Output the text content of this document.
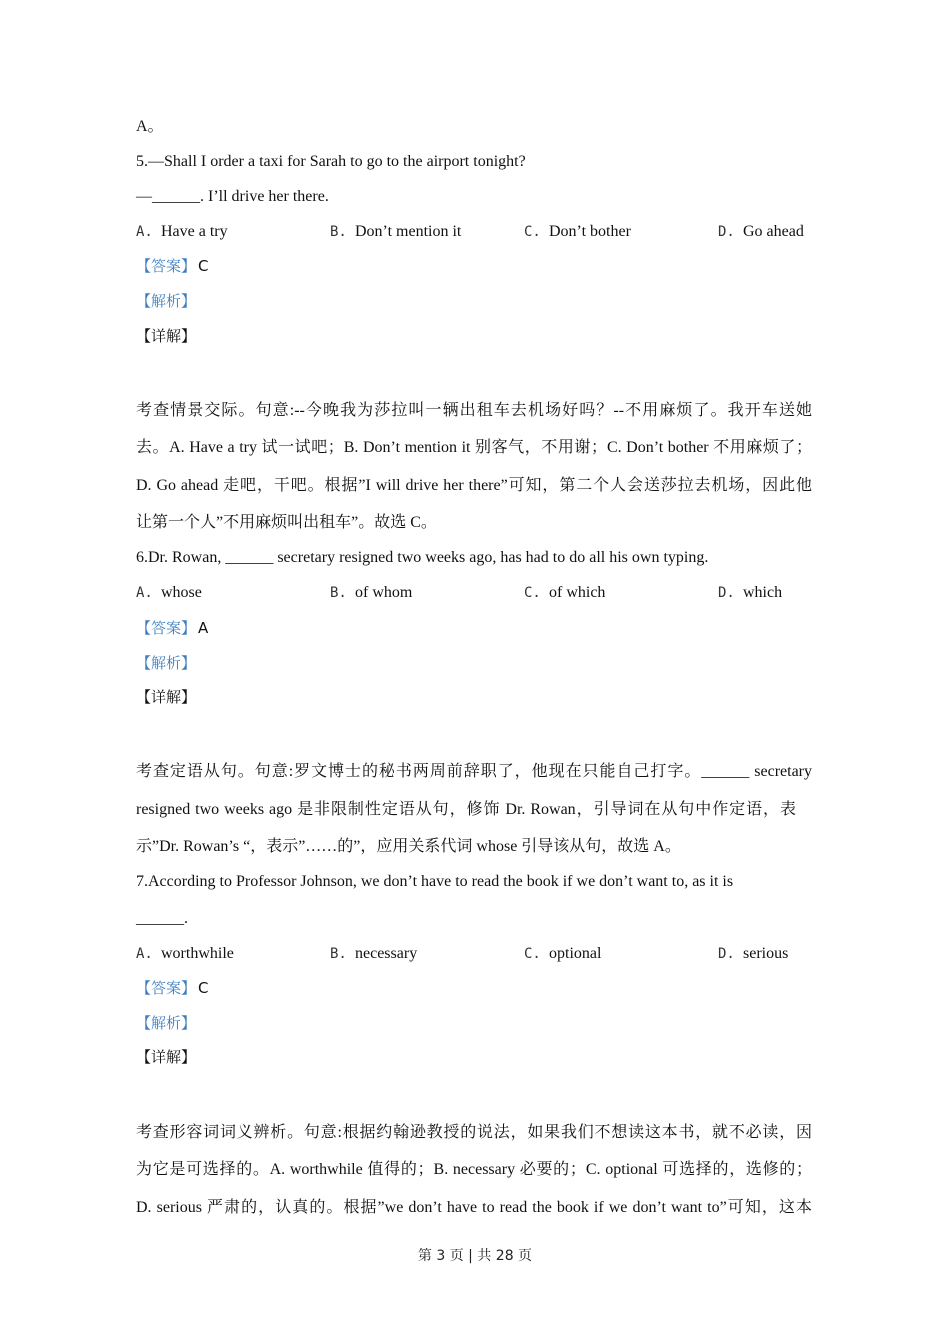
A。
5.—Shall I order a taxi for Sarah to go to the airport tonight?
—______. I’ll drive her there.
A. Have a try	B. Don’t mention it	C. Don’t bother	D. Go ahead
【答案】 C
【解析】
【详解】
考查情景交际。句意:--今晚我为莎拉叫一辆出租车去机场好吗？--不用麻烦了。我开车送她
去。A. Have a try 试一试吧；B. Don’t mention it 别客气，不用谢；C. Don’t bother 不用麻烦了；
D. Go ahead 走吧，干吧。根据”I will drive her there”可知，第二个人会送莎拉去机场，因此他
让第一个人”不用麻烦叫出租车”。故选 C。
6.Dr. Rowan, ______ secretary resigned two weeks ago, has had to do all his own typing.
A. whose	B. of whom	C. of which	D. which
【答案】 A
【解析】
【详解】
考查定语从句。句意:罗文博士的秘书两周前辞职了，他现在只能自己打字。______ secretary
resigned two weeks ago 是非限制性定语从句，修饰 Dr. Rowan，引导词在从句中作定语，表
示”Dr. Rowan’s “，表示”……的”，应用关系代词 whose 引导该从句，故选 A。
7.According to Professor Johnson, we don’t have to read the book if we don’t want to, as it is
______.
A. worthwhile	B. necessary	C. optional	D. serious
【答案】 C
【解析】
【详解】
考查形容词词义辨析。句意:根据约翰逊教授的说法，如果我们不想读这本书，就不必读，因
为它是可选择的。A. worthwhile 值得的；B. necessary 必要的；C. optional 可选择的，选修的；
D. serious 严肃的，认真的。根据”we don’t have to read the book if we don’t want to”可知，这本
第 3 页 | 共 28 页
